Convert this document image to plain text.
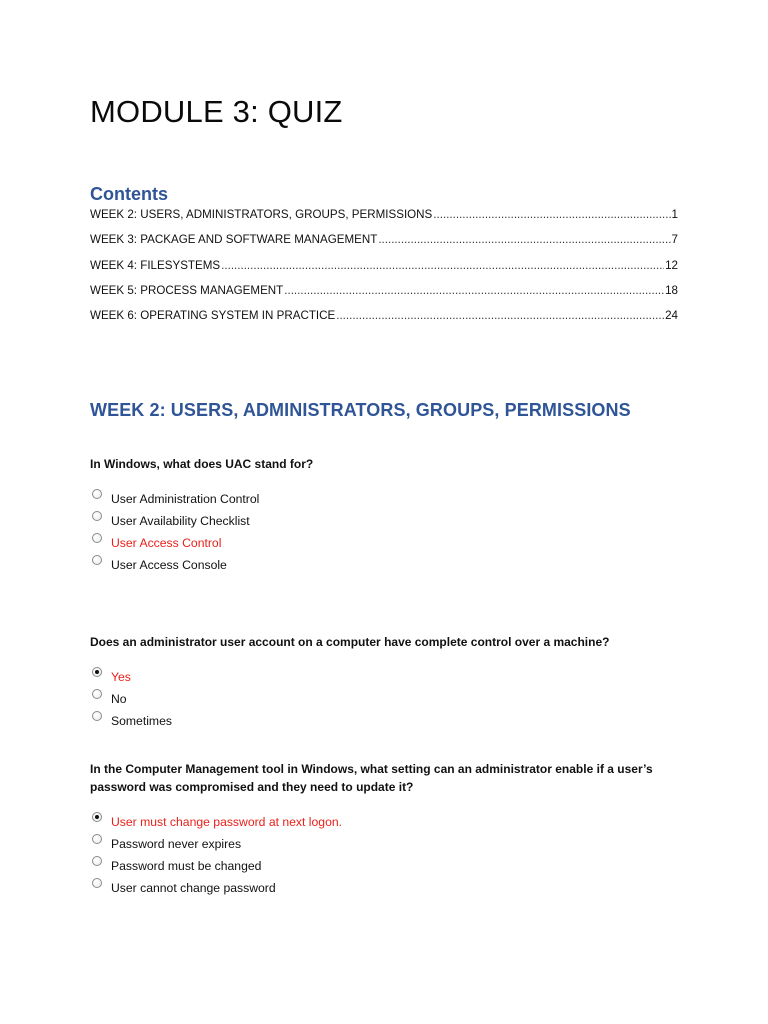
MODULE 3: QUIZ
Contents
WEEK 2: USERS, ADMINISTRATORS, GROUPS, PERMISSIONS .....	1
WEEK 3: PACKAGE AND SOFTWARE MANAGEMENT .....	7
WEEK 4: FILESYSTEMS .....	12
WEEK 5: PROCESS MANAGEMENT .....	18
WEEK 6: OPERATING SYSTEM IN PRACTICE .....	24
WEEK 2: USERS, ADMINISTRATORS, GROUPS, PERMISSIONS

In Windows, what does UAC stand for?

User Administration Control
User Availability Checklist
User Access Control
User Access Console

Does an administrator user account on a computer have complete control over a machine?

Yes
No
Sometimes

In the Computer Management tool in Windows, what setting can an administrator enable if a user’s
password was compromised and they need to update it?

User must change password at next logon.
Password never expires
Password must be changed
User cannot change password
